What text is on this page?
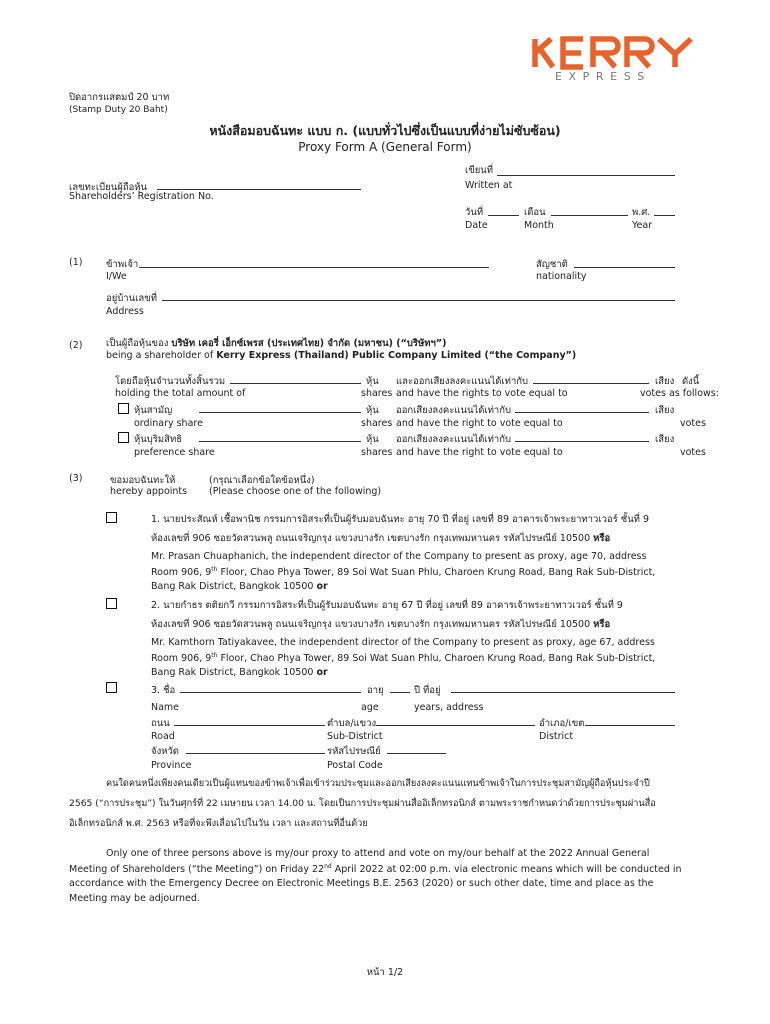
EXPRESS
ปิดอากรแสตมป์ 20 บาท
(Stamp Duty 20 Baht)
หนังสือมอบฉันทะ แบบ ก. (แบบทั่วไปซึ่งเป็นแบบที่ง่ายไม่ซับซ้อน)
Proxy Form A (General Form)
เขียนที่
Written at
เลขทะเบียนผู้ถือหุ้น
Shareholders’ Registration No.
วันที่	เดือน	พ.ศ.
Date	Month	Year
(1) ข้าพเจ้า
I/We
สัญชาติ
nationality
อยู่บ้านเลขที่
Address
(2) เป็นผู้ถือหุ้นของ บริษัท เคอรี่ เอ็กซ์เพรส (ประเทศไทย) จำกัด (มหาชน) (“บริษัทฯ”)
being a shareholder of Kerry Express (Thailand) Public Company Limited (“the Company”)
โดยถือหุ้นจำนวนทั้งสิ้นรวม	หุ้น และออกเสียงลงคะแนนได้เท่ากับ	เสียง ดังนี้
holding the total amount of	shares and have the rights to vote equal to	votes as follows:
หุ้นสามัญ	หุ้น ออกเสียงลงคะแนนได้เท่ากับ	เสียง
ordinary share	shares and have the right to vote equal to	votes
หุ้นบุริมสิทธิ	หุ้น ออกเสียงลงคะแนนได้เท่ากับ	เสียง
preference share	shares and have the right to vote equal to	votes
(3)	ขอมอบฉันทะให้
hereby appoints
(กรุณาเลือกข้อใดข้อหนึ่ง)
(Please choose one of the following)
1. นายประสัณห์ เชื้อพานิช กรรมการอิสระที่เป็นผู้รับมอบฉันทะ อายุ 70 ปี ที่อยู่ เลขที่ 89 อาคารเจ้าพระยาทาวเวอร์ ชั้นที่ 9
ห้องเลขที่ 906 ซอยวัดสวนพลู ถนนเจริญกรุง แขวงบางรัก เขตบางรัก กรุงเทพมหานคร รหัสไปรษณีย์ 10500 หรือ
Mr. Prasan Chuaphanich, the independent director of the Company to present as proxy, age 70, address
Room 906, 9th Floor, Chao Phya Tower, 89 Soi Wat Suan Phlu, Charoen Krung Road, Bang Rak Sub-District,
Bang Rak District, Bangkok 10500 or
2. นายกำธร ตติยกวี กรรมการอิสระที่เป็นผู้รับมอบฉันทะ อายุ 67 ปี ที่อยู่ เลขที่ 89 อาคารเจ้าพระยาทาวเวอร์ ชั้นที่ 9
ห้องเลขที่ 906 ซอยวัดสวนพลู ถนนเจริญกรุง แขวงบางรัก เขตบางรัก กรุงเทพมหานคร รหัสไปรษณีย์ 10500 หรือ
Mr. Kamthorn Tatiyakavee, the independent director of the Company to present as proxy, age 67, address
Room 906, 9th Floor, Chao Phya Tower, 89 Soi Wat Suan Phlu, Charoen Krung Road, Bang Rak Sub-District,
Bang Rak District, Bangkok 10500 or
3. ชื่อ	อายุ	ปี ที่อยู่
Name	age	years, address
ถนน	ตำบล/แขวง	อำเภอ/เขต
Road	Sub-District	District
จังหวัด	รหัสไปรษณีย์
Province	Postal Code
คนใดคนหนึ่งเพียงคนเดียวเป็นผู้แทนของข้าพเจ้าเพื่อเข้าร่วมประชุมและออกเสียงลงคะแนนแทนข้าพเจ้าในการประชุมสามัญผู้ถือหุ้นประจำปี
2565 (“การประชุม”) ในวันศุกร์ที่ 22 เมษายน เวลา 14.00 น. โดยเป็นการประชุมผ่านสื่ออิเล็กทรอนิกส์ ตามพระราชกำหนดว่าด้วยการประชุมผ่านสื่อ
อิเล็กทรอนิกส์ พ.ศ. 2563 หรือที่จะพึงเลื่อนไปในวัน เวลา และสถานที่อื่นด้วย
Only one of three persons above is my/our proxy to attend and vote on my/our behalf at the 2022 Annual General
Meeting of Shareholders (“the Meeting”) on Friday 22nd April 2022 at 02:00 p.m. via electronic means which will be conducted in
accordance with the Emergency Decree on Electronic Meetings B.E. 2563 (2020) or such other date, time and place as the
Meeting may be adjourned.
หน้า 1/2
